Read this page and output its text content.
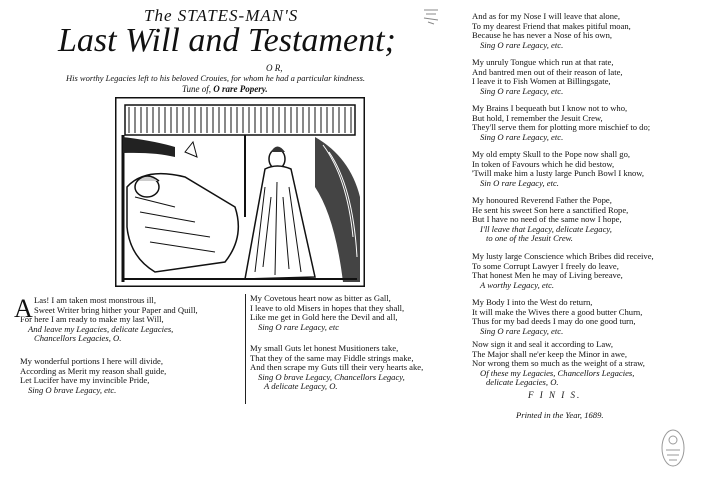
The STATES-MAN'S
Last Will and Testament;
O R,
His worthy Legacies left to his beloved Crouies, for whom he had a particular kindness.
Tune of, O rare Popery.
A Las! I am taken most monstrous ill,
Sweet Writer bring hither your Paper and Quill,
For here I am ready to make my last Will,
And leave my Legacies, delicate Legacies,
Chancellors Legacies, O.
My wonderful portions I here will divide,
According as Merit my reason shall guide,
Let Lucifer have my invincible Pride,
Sing O brave Legacy, etc.
My Covetous heart now as bitter as Gall,
I leave to old Misers in hopes that they shall,
Like me get in Gold here the Devil and all,
Sing O rare Legacy, etc
My small Guts let honest Musitioners take,
That they of the same may Fiddle strings make,
And then scrape my Guts till their very hearts ake,
Sing O brave Legacy, Chancellors Legacy,
A delicate Legacy, O.
And as for my Nose I will leave that alone,
To my dearest Friend that makes pitiful moan,
Because he has never a Nose of his own,
Sing O rare Legacy, etc.
My unruly Tongue which run at that rate,
And bantred men out of their reason of late,
I leave it to Fish Women at Billingsgate,
Sing O rare Legacy, etc.
My Brains I bequeath but I know not to who,
But hold, I remember the Jesuit Crew,
They'll serve them for plotting more mischief to do;
Sing O rare Legacy, etc.
My old empty Skull to the Pope now shall go,
In token of Favours which he did bestow,
'Twill make him a lusty large Punch Bowl I know,
Sin O rare Legacy, etc.
My honoured Reverend Father the Pope,
He sent his sweet Son here a sanctified Rope,
But I have no need of the same now I hope,
I'll leave that Legacy, delicate Legacy,
to one of the Jesuit Crew.
My lusty large Conscience which Bribes did receive,
To some Corrupt Lawyer I freely do leave,
That honest Men he may of Living bereave,
A worthy Legacy, etc.
My Body I into the West do return,
It will make the Wives there a good butter Churn,
Thus for my bad deeds I may do one good turn,
Sing O rare Legacy, etc.
Now sign it and seal it according to Law,
The Major shall ne'er keep the Minor in awe,
Nor wrong them so much as the weight of a straw,
Of these my Legacies, Chancellors Legacies,
delicate Legacies, O.
F I N I S.
Printed in the Year, 1689.
